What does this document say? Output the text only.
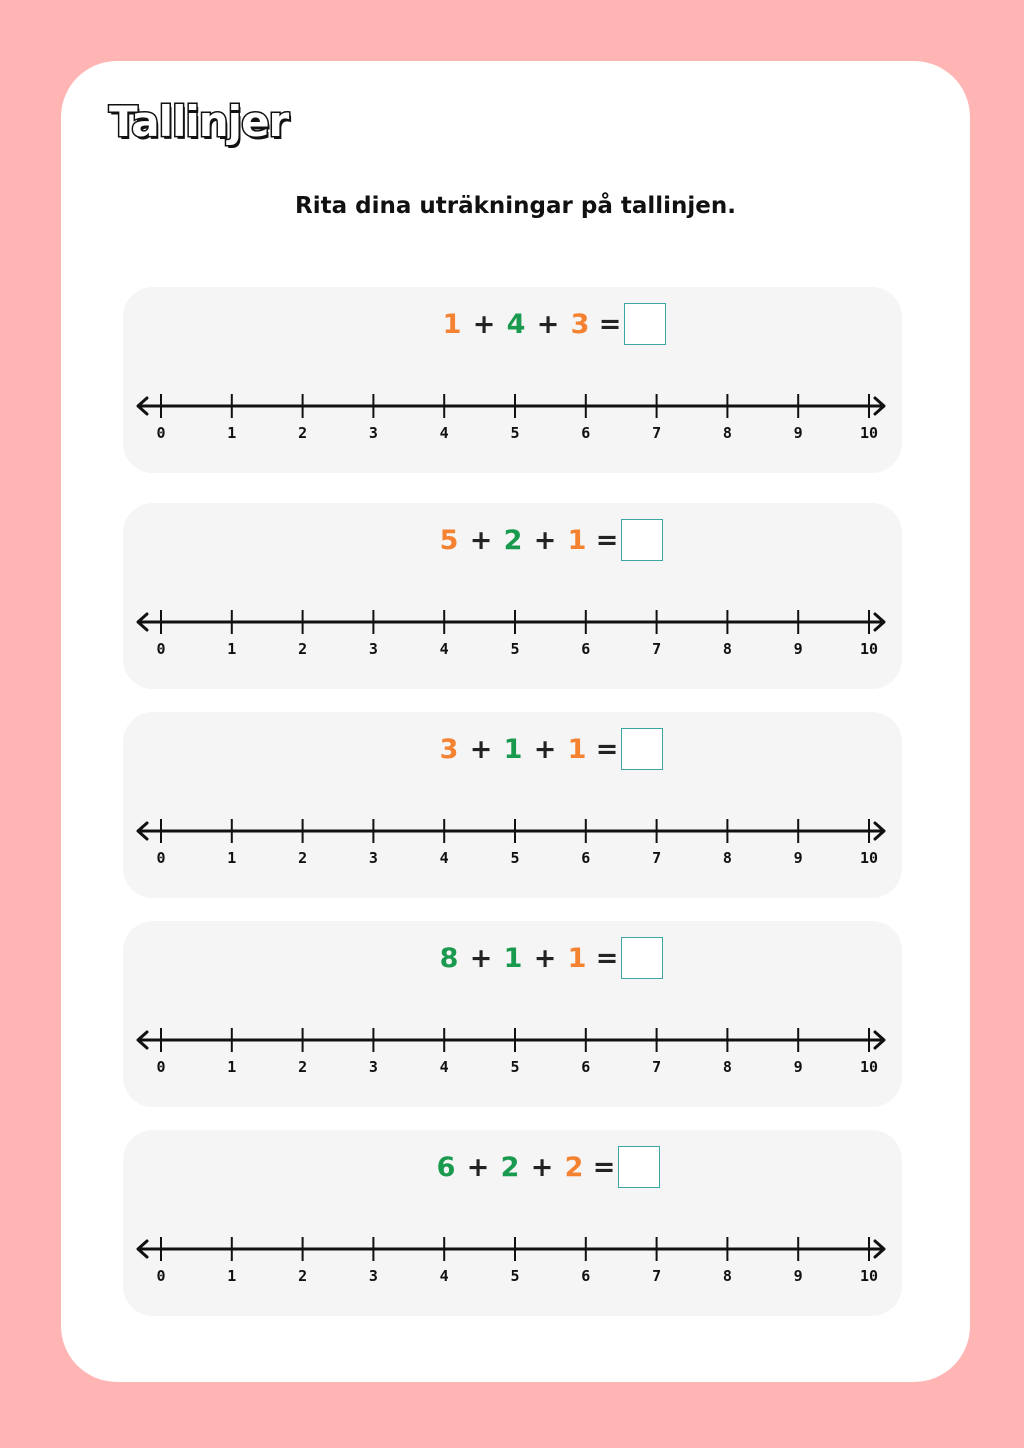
Tallinjer
Rita dina uträkningar på tallinjen.
1 + 4 + 3 =
0	1	2	3	4	5	6	7	8	9	10
5 + 2 + 1 =
0	1	2	3	4	5	6	7	8	9	10
3 + 1 + 1 =
0	1	2	3	4	5	6	7	8	9	10
8 + 1 + 1 =
0	1	2	3	4	5	6	7	8	9	10
6 + 2 + 2 =
0	1	2	3	4	5	6	7	8	9	10
